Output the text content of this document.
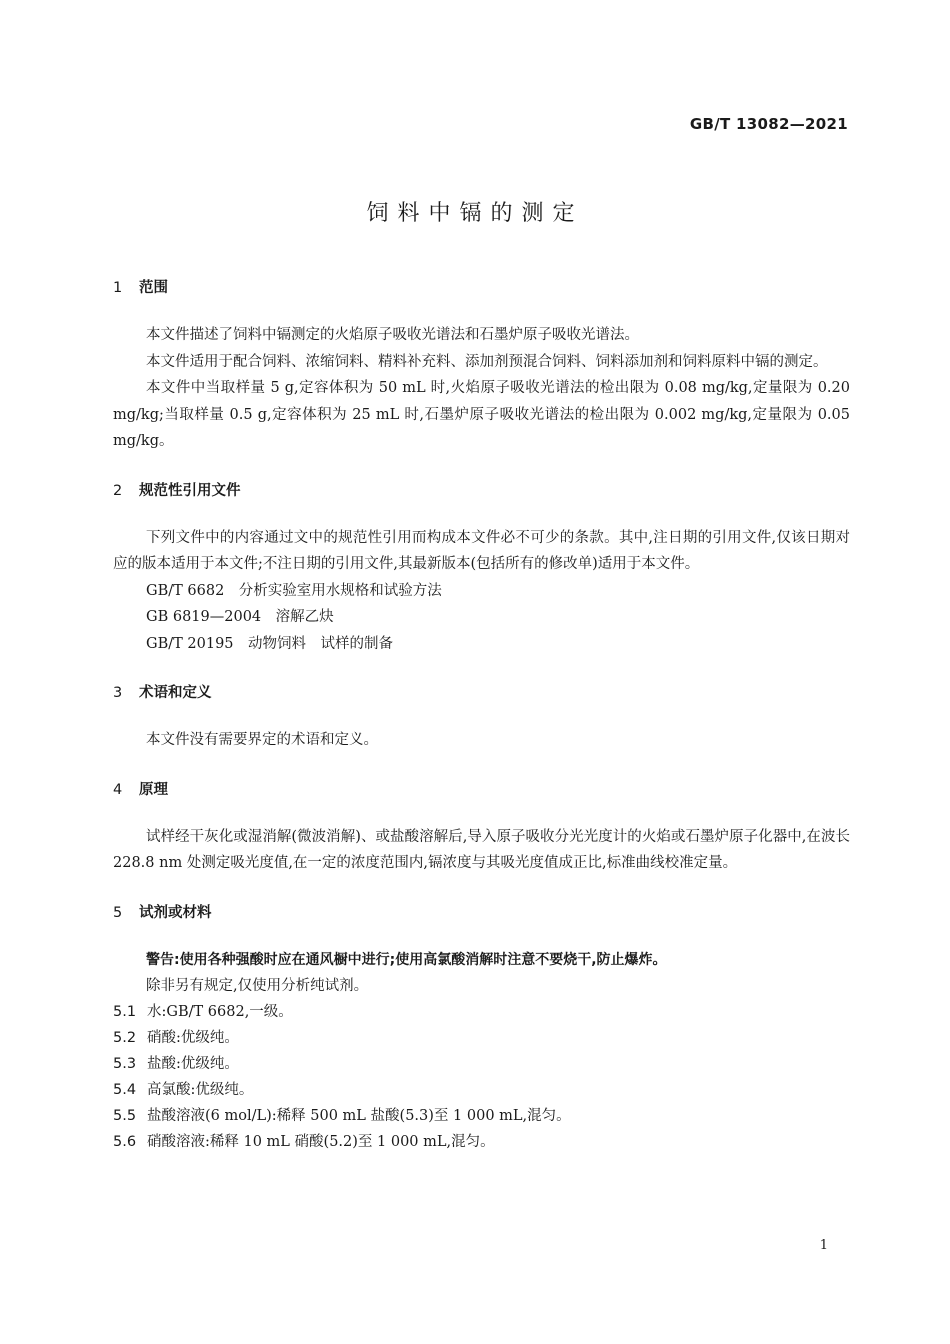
GB/T 13082—2021
饲料中镉的测定
1 范围

本文件描述了饲料中镉测定的火焰原子吸收光谱法和石墨炉原子吸收光谱法。

本文件适用于配合饲料、浓缩饲料、精料补充料、添加剂预混合饲料、饲料添加剂和饲料原料中镉的测定。

本文件中当取样量 5 g,定容体积为 50 mL 时,火焰原子吸收光谱法的检出限为 0.08 mg/kg,定量限为 0.20 mg/kg;当取样量 0.5 g,定容体积为 25 mL 时,石墨炉原子吸收光谱法的检出限为 0.002 mg/kg,定量限为 0.05 mg/kg。

2 规范性引用文件

下列文件中的内容通过文中的规范性引用而构成本文件必不可少的条款。其中,注日期的引用文件,仅该日期对应的版本适用于本文件;不注日期的引用文件,其最新版本(包括所有的修改单)适用于本文件。

GB/T 6682　分析实验室用水规格和试验方法

GB 6819—2004　溶解乙炔

GB/T 20195　动物饲料　试样的制备

3 术语和定义

本文件没有需要界定的术语和定义。

4 原理

试样经干灰化或湿消解(微波消解)、或盐酸溶解后,导入原子吸收分光光度计的火焰或石墨炉原子化器中,在波长 228.8 nm 处测定吸光度值,在一定的浓度范围内,镉浓度与其吸光度值成正比,标准曲线校准定量。

5 试剂或材料

警告:使用各种强酸时应在通风橱中进行;使用高氯酸消解时注意不要烧干,防止爆炸。

除非另有规定,仅使用分析纯试剂。

5.1 水:GB/T 6682,一级。

5.2 硝酸:优级纯。

5.3 盐酸:优级纯。

5.4 高氯酸:优级纯。

5.5 盐酸溶液(6 mol/L):稀释 500 mL 盐酸(5.3)至 1 000 mL,混匀。

5.6 硝酸溶液:稀释 10 mL 硝酸(5.2)至 1 000 mL,混匀。

1
